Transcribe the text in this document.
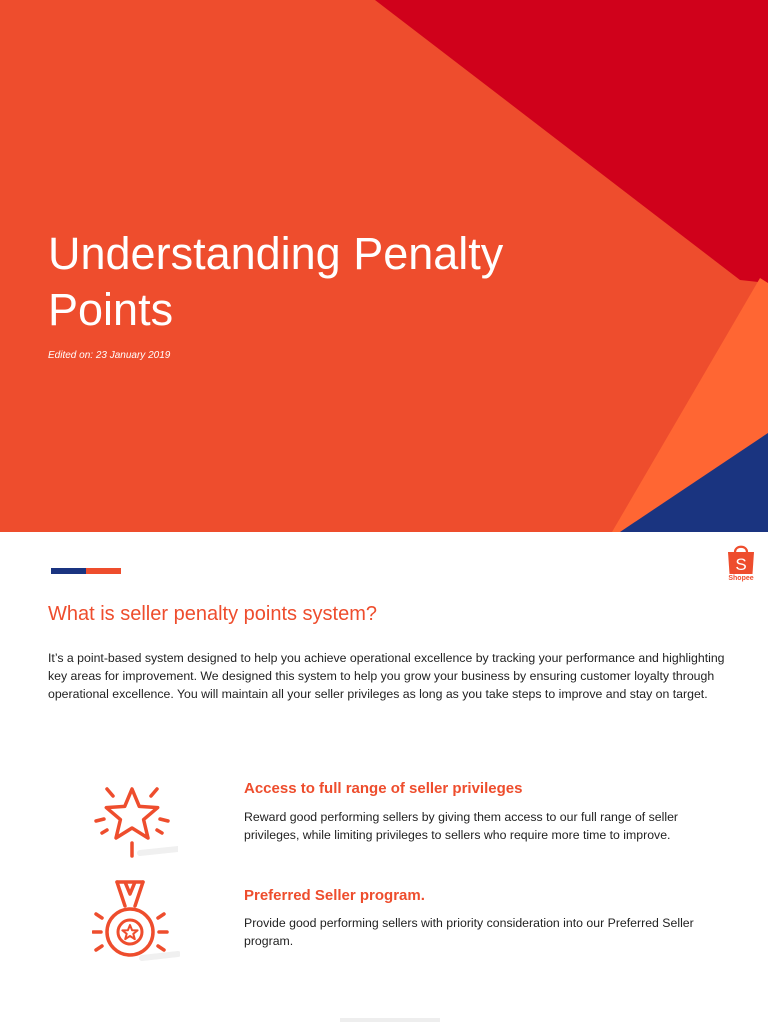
Understanding Penalty Points
Edited on: 23 January 2019
S
Shopee
What is seller penalty points system?

It’s a point-based system designed to help you achieve operational excellence by tracking your performance and highlighting key areas for improvement. We designed this system to help you grow your business by ensuring customer loyalty through operational excellence. You will maintain all your seller privileges as long as you take steps to improve and stay on target.

Access to full range of seller privileges

Reward good performing sellers by giving them access to our full range of seller privileges, while limiting privileges to sellers who require more time to improve.

Preferred Seller program.

Provide good performing sellers with priority consideration into our Preferred Seller program.
